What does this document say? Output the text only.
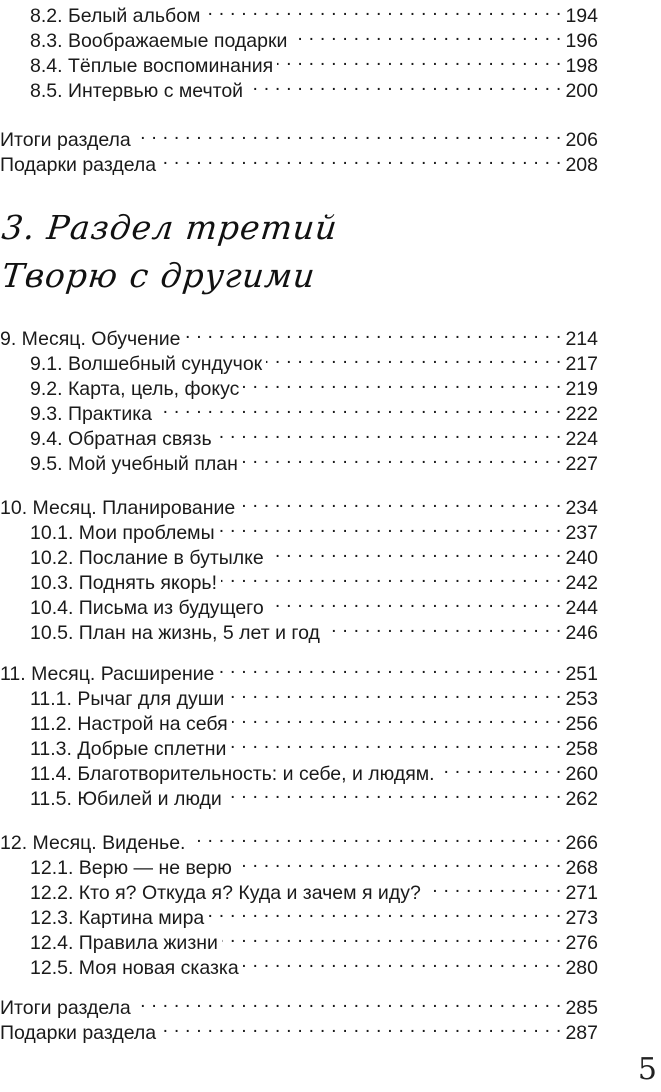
8.2. Белый альбом . . .	194
8.3. Воображаемые подарки . . .	196
8.4. Тёплые воспоминания . . .	198
8.5. Интервью с мечтой . . .	200
Итоги раздела . . .	206
Подарки раздела . . .	208
3. Раздел третий
Творю с другими
9. Месяц. Обучение . . .	214
9.1. Волшебный сундучок . . .	217
9.2. Карта, цель, фокус . . .	219
9.3. Практика . . .	222
9.4. Обратная связь . . .	224
9.5. Мой учебный план . . .	227
10. Месяц. Планирование . . .	234
10.1. Мои проблемы . . .	237
10.2. Послание в бутылке . . .	240
10.3. Поднять якорь! . . .	242
10.4. Письма из будущего . . .	244
10.5. План на жизнь, 5 лет и год . . .	246
11. Месяц. Расширение . . .	251
11.1. Рычаг для души . . .	253
11.2. Настрой на себя . . .	256
11.3. Добрые сплетни . . .	258
11.4. Благотворительность: и себе, и людям. . . .	260
11.5. Юбилей и люди . . .	262
12. Месяц. Виденье. . . .	266
12.1. Верю — не верю . . .	268
12.2. Кто я? Откуда я? Куда и зачем я иду? . . .	271
12.3. Картина мира . . .	273
12.4. Правила жизни . . .	276
12.5. Моя новая сказка . . .	280
Итоги раздела . . .	285
Подарки раздела . . .	287
5
